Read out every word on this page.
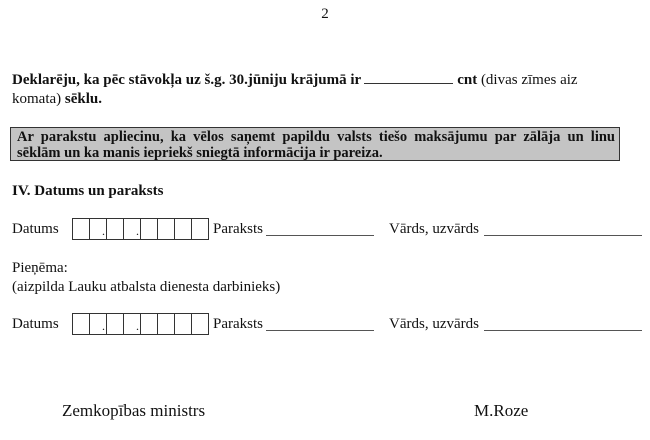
2
Deklarēju, ka pēc stāvokļa uz š.g. 30.jūniju krājumā ir	cnt (divas zīmes aiz
komata) sēklu.
Ar parakstu apliecinu, ka vēlos saņemt papildu valsts tiešo maksājumu par zālāja un linu
sēklām un ka manis iepriekš sniegtā informācija ir pareiza.
IV. Datums un paraksts
Datums	.	.	Paraksts	Vārds, uzvārds
Pieņēma:
(aizpilda Lauku atbalsta dienesta darbinieks)
Datums	.	.	Paraksts	Vārds, uzvārds
Zemkopības ministrs	M.Roze
